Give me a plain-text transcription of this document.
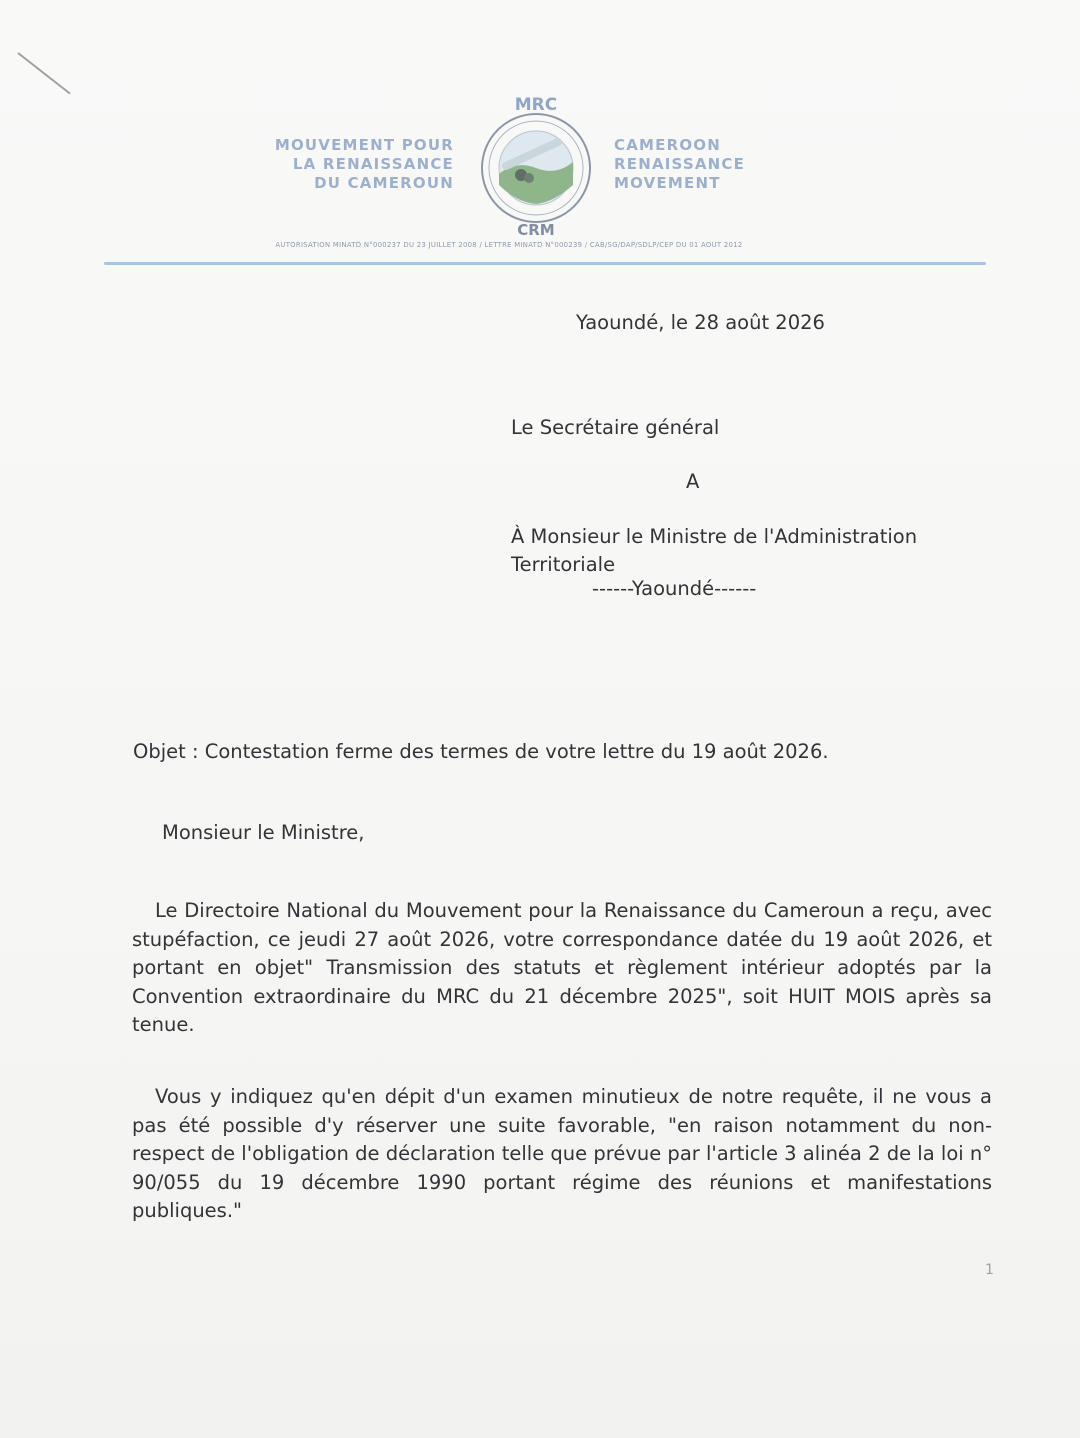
MOUVEMENT POUR
LA RENAISSANCE
DU CAMEROUN
MRC
CRM
CAMEROON
RENAISSANCE
MOVEMENT
AUTORISATION MINATD N°000237 DU 23 JUILLET 2008 / LETTRE MINATD N°000239 / CAB/SG/DAP/SDLP/CEP DU 01 AOÛT 2012
Yaoundé, le 28 août 2026
Le Secrétaire général
A
À Monsieur le Ministre de l'Administration Territoriale
------Yaoundé------
Objet : Contestation ferme des termes de votre lettre du 19 août 2026.
Monsieur le Ministre,
Le Directoire National du Mouvement pour la Renaissance du Cameroun a reçu, avec stupéfaction, ce jeudi 27 août 2026, votre correspondance datée du 19 août 2026, et portant en objet" Transmission des statuts et règlement intérieur adoptés par la Convention extraordinaire du MRC du 21 décembre 2025", soit HUIT MOIS après sa tenue.
Vous y indiquez qu'en dépit d'un examen minutieux de notre requête, il ne vous a pas été possible d'y réserver une suite favorable, "en raison notamment du non-respect de l'obligation de déclaration telle que prévue par l'article 3 alinéa 2 de la loi n° 90/055 du 19 décembre 1990 portant régime des réunions et manifestations publiques."
1
